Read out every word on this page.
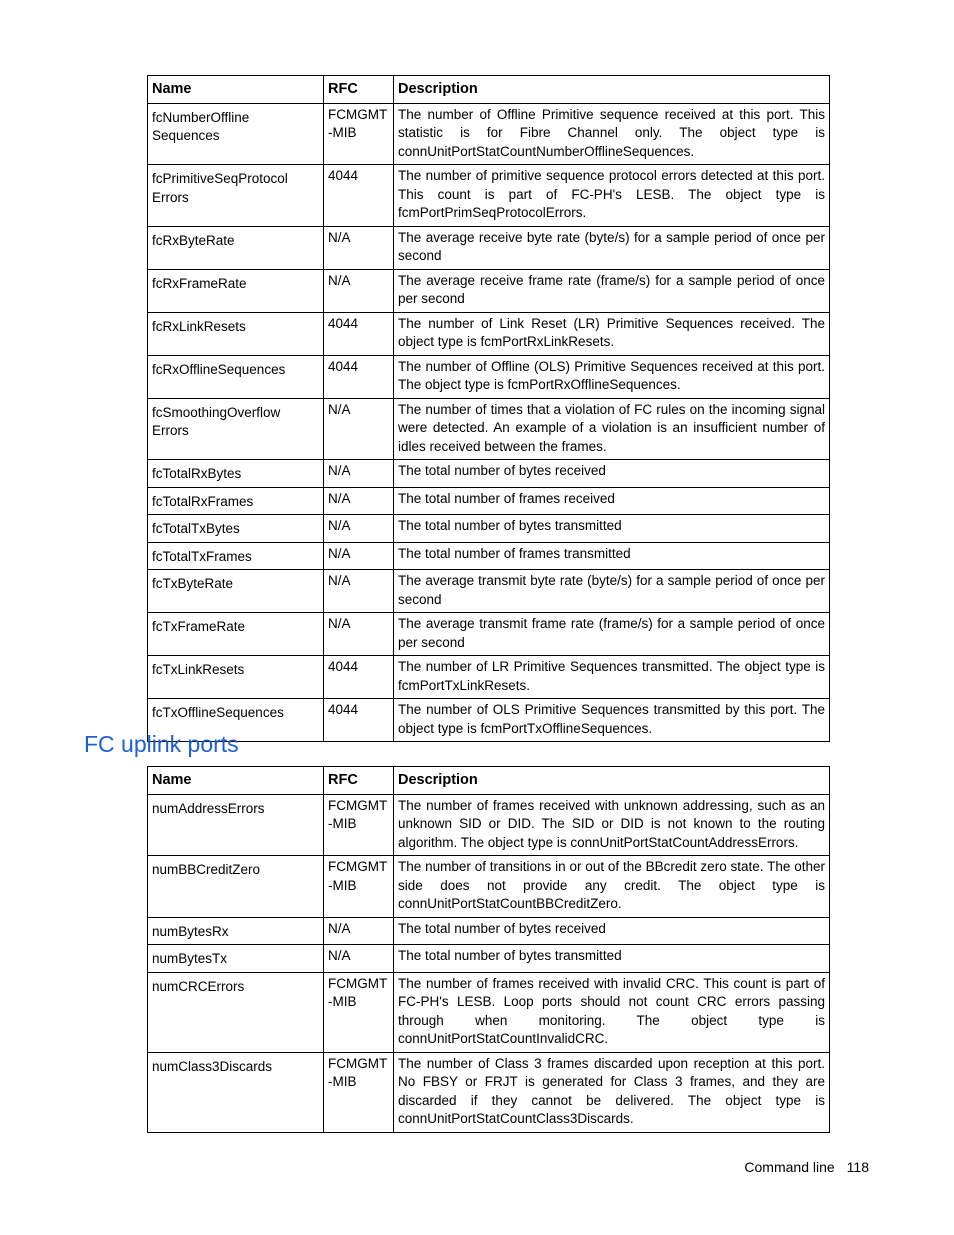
Name	RFC	Description
fcNumberOffline Sequences	FCMGMT -MIB	The number of Offline Primitive sequence received at this port. This statistic is for Fibre Channel only. The object type is connUnitPortStatCountNumberOfflineSequences.
fcPrimitiveSeqProtocol Errors	4044	The number of primitive sequence protocol errors detected at this port. This count is part of FC-PH's LESB. The object type is fcmPortPrimSeqProtocolErrors.
fcRxByteRate	N/A	The average receive byte rate (byte/s) for a sample period of once per second
fcRxFrameRate	N/A	The average receive frame rate (frame/s) for a sample period of once per second
fcRxLinkResets	4044	The number of Link Reset (LR) Primitive Sequences received. The object type is fcmPortRxLinkResets.
fcRxOfflineSequences	4044	The number of Offline (OLS) Primitive Sequences received at this port. The object type is fcmPortRxOfflineSequences.
fcSmoothingOverflow Errors	N/A	The number of times that a violation of FC rules on the incoming signal were detected. An example of a violation is an insufficient number of idles received between the frames.
fcTotalRxBytes	N/A	The total number of bytes received
fcTotalRxFrames	N/A	The total number of frames received
fcTotalTxBytes	N/A	The total number of bytes transmitted
fcTotalTxFrames	N/A	The total number of frames transmitted
fcTxByteRate	N/A	The average transmit byte rate (byte/s) for a sample period of once per second
fcTxFrameRate	N/A	The average transmit frame rate (frame/s) for a sample period of once per second
fcTxLinkResets	4044	The number of LR Primitive Sequences transmitted. The object type is fcmPortTxLinkResets.
fcTxOfflineSequences	4044	The number of OLS Primitive Sequences transmitted by this port. The object type is fcmPortTxOfflineSequences.
FC uplink ports
Name	RFC	Description
numAddressErrors	FCMGMT -MIB	The number of frames received with unknown addressing, such as an unknown SID or DID. The SID or DID is not known to the routing algorithm. The object type is connUnitPortStatCountAddressErrors.
numBBCreditZero	FCMGMT -MIB	The number of transitions in or out of the BBcredit zero state. The other side does not provide any credit. The object type is connUnitPortStatCountBBCreditZero.
numBytesRx	N/A	The total number of bytes received
numBytesTx	N/A	The total number of bytes transmitted
numCRCErrors	FCMGMT -MIB	The number of frames received with invalid CRC. This count is part of FC-PH's LESB. Loop ports should not count CRC errors passing through when monitoring. The object type is connUnitPortStatCountInvalidCRC.
numClass3Discards	FCMGMT -MIB	The number of Class 3 frames discarded upon reception at this port. No FBSY or FRJT is generated for Class 3 frames, and they are discarded if they cannot be delivered. The object type is connUnitPortStatCountClass3Discards.
Command line 118
